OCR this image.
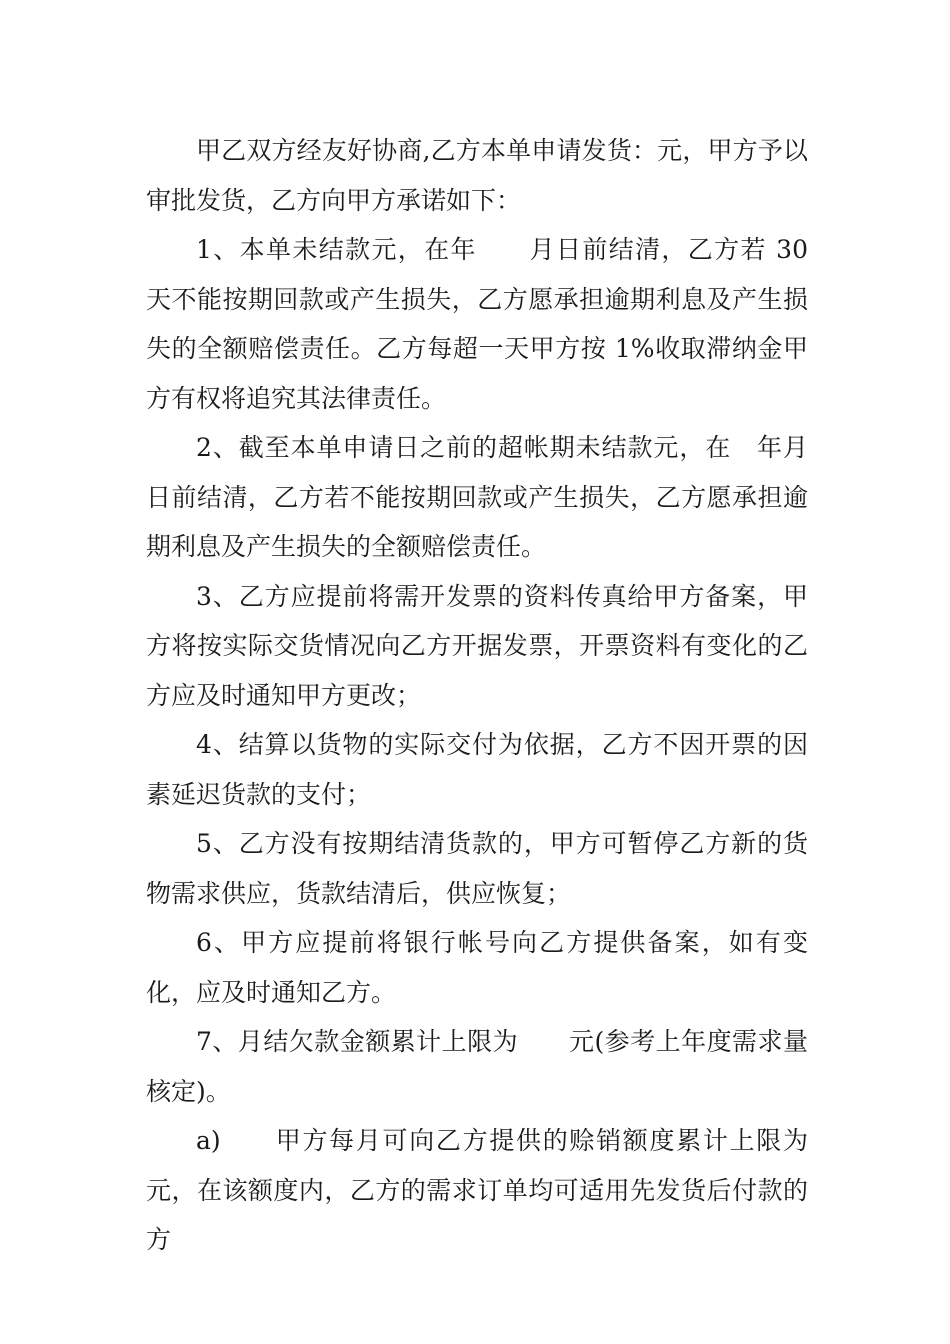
甲乙双方经友好协商,乙方本单申请发货：元，甲方予以审批发货，乙方向甲方承诺如下：

1、本单未结款元，在年　　月日前结清，乙方若 30 天不能按期回款或产生损失，乙方愿承担逾期利息及产生损失的全额赔偿责任。乙方每超一天甲方按 1%收取滞纳金甲方有权将追究其法律责任。

2、截至本单申请日之前的超帐期未结款元，在　年月日前结清，乙方若不能按期回款或产生损失，乙方愿承担逾期利息及产生损失的全额赔偿责任。

3、乙方应提前将需开发票的资料传真给甲方备案，甲方将按实际交货情况向乙方开据发票，开票资料有变化的乙方应及时通知甲方更改；

4、结算以货物的实际交付为依据，乙方不因开票的因素延迟货款的支付；

5、乙方没有按期结清货款的，甲方可暂停乙方新的货物需求供应，货款结清后，供应恢复；

6、甲方应提前将银行帐号向乙方提供备案，如有变化，应及时通知乙方。

7、月结欠款金额累计上限为　　元(参考上年度需求量核定)。

a)　　甲方每月可向乙方提供的赊销额度累计上限为元，在该额度内，乙方的需求订单均可适用先发货后付款的方
